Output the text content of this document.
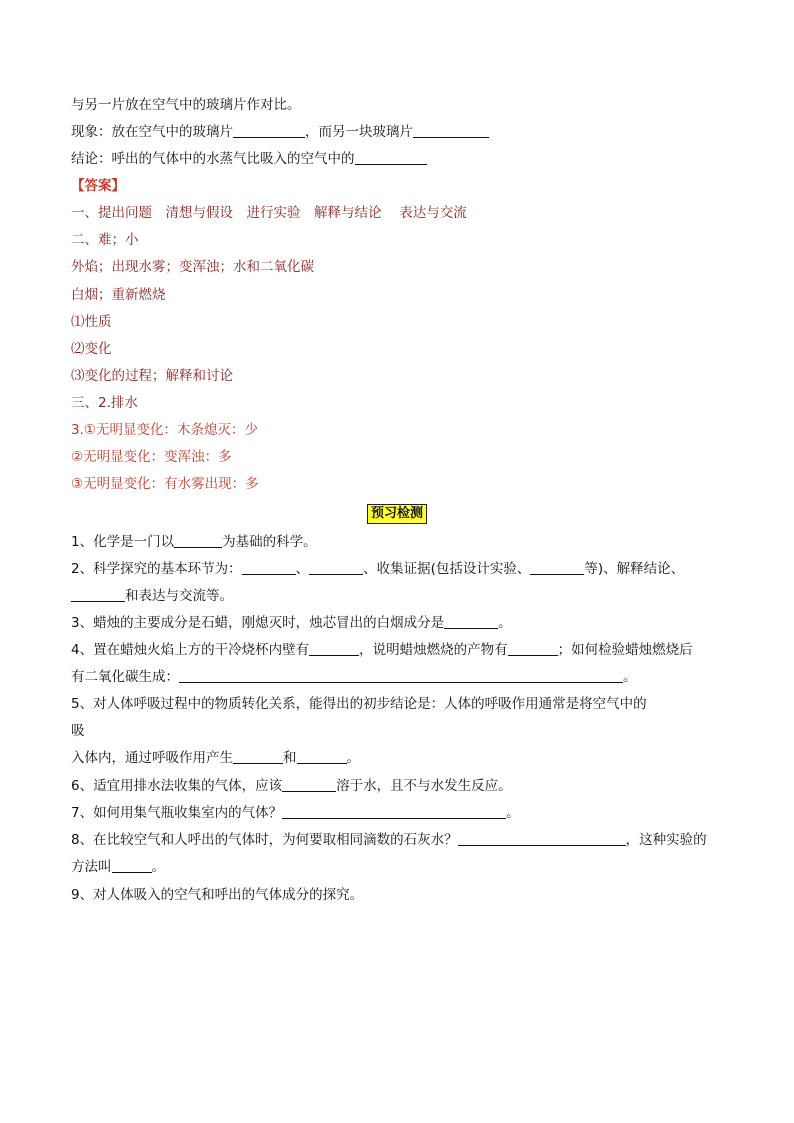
与另一片放在空气中的玻璃片作对比。
现象：放在空气中的玻璃片	，而另一块玻璃片
结论：呼出的气体中的水蒸气比吸入的空气中的
【答案】
一、提出问题　清想与假设　进行实验　解释与结论　 表达与交流
二、难；小
外焰；出现水雾；变浑浊；水和二氧化碳
白烟；重新燃烧
⑴性质
⑵变化
⑶变化的过程；解释和讨论
三、2.排水
3.①无明显变化：木条熄灭：少
②无明显变化：变浑浊：多
③无明显变化：有水雾出现：多
预习检测
1、化学是一门以	为基础的科学。
2、科学探究的基本环节为：	、	、收集证据(包括设计实验、	等)、解释结论、
和表达与交流等。
3、蜡烛的主要成分是石蜡，刚熄灭时，烛芯冒出的白烟成分是	。
4、置在蜡烛火焰上方的干冷烧杯内壁有	，说明蜡烛燃烧的产物有	；如何检验蜡烛燃烧后
有二氧化碳生成：	。
5、对人体呼吸过程中的物质转化关系，能得出的初步结论是：人体的呼吸作用通常是将空气中的
吸
入体内，通过呼吸作用产生	和	。
6、适宜用排水法收集的气体，应该	溶于水，且不与水发生反应。
7、如何用集气瓶收集室内的气体？	。
8、在比较空气和人呼出的气体时，为何要取相同滴数的石灰水？	，这种实验的
方法叫	。
9、对人体吸入的空气和呼出的气体成分的探究。
